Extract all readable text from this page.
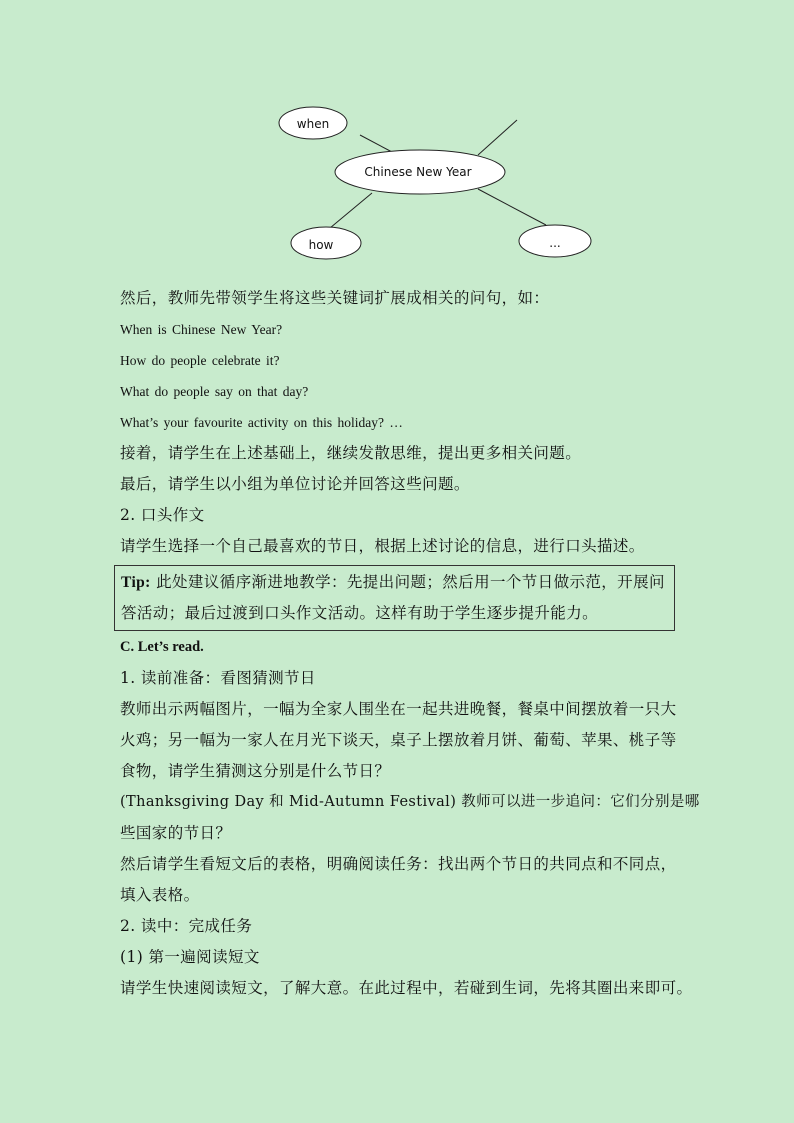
when
Chinese New Year
how	...

然后，教师先带领学生将这些关键词扩展成相关的问句，如：

When is Chinese New Year?

How do people celebrate it?

What do people say on that day?

What’s your favourite activity on this holiday? …

接着，请学生在上述基础上，继续发散思维，提出更多相关问题。

最后，请学生以小组为单位讨论并回答这些问题。

2. 口头作文

请学生选择一个自己最喜欢的节日，根据上述讨论的信息，进行口头描述。

Tip: 此处建议循序渐进地教学：先提出问题；然后用一个节日做示范，开展问

答活动；最后过渡到口头作文活动。这样有助于学生逐步提升能力。

C. Let’s read.

1. 读前准备：看图猜测节日

教师出示两幅图片，一幅为全家人围坐在一起共进晚餐，餐桌中间摆放着一只大

火鸡；另一幅为一家人在月光下谈天，桌子上摆放着月饼、葡萄、苹果、桃子等

食物，请学生猜测这分别是什么节日？

(Thanksgiving Day 和 Mid-Autumn Festival) 教师可以进一步追问：它们分别是哪

些国家的节日？

然后请学生看短文后的表格，明确阅读任务：找出两个节日的共同点和不同点，

填入表格。

2. 读中：完成任务

(1) 第一遍阅读短文

请学生快速阅读短文，了解大意。在此过程中，若碰到生词，先将其圈出来即可。
